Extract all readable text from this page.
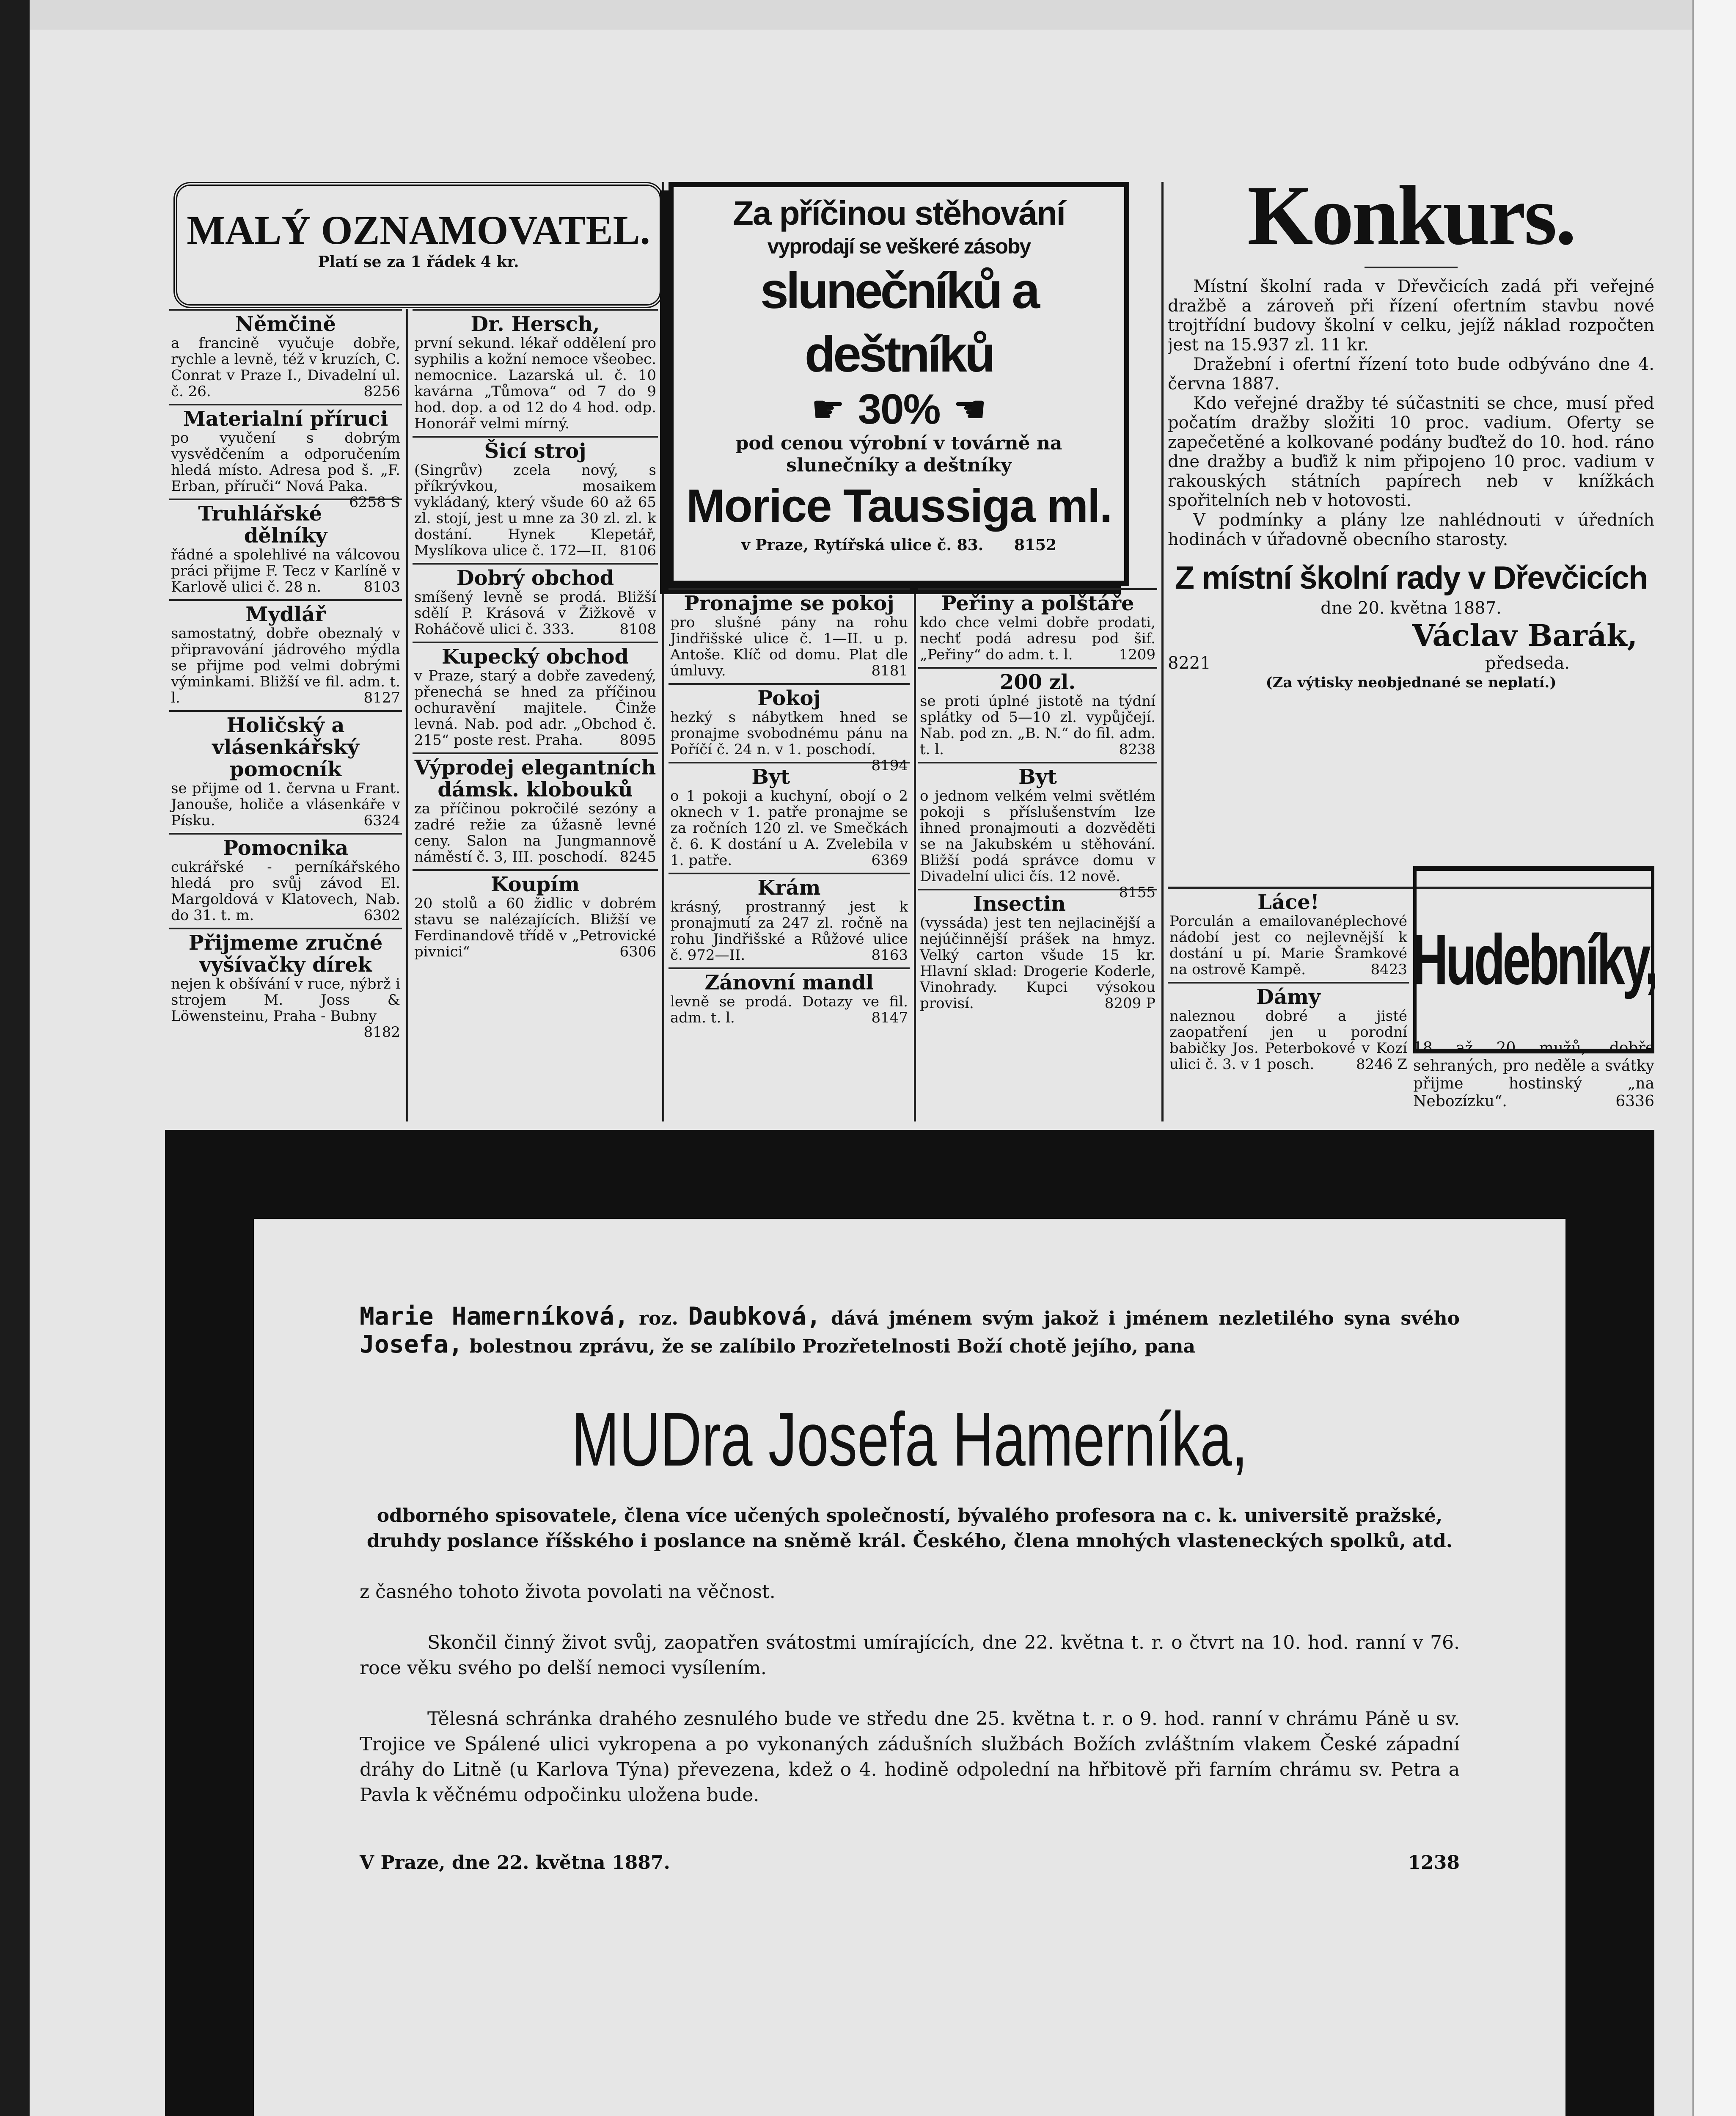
MALÝ OZNAMOVATEL.
Platí se za 1 řádek 4 kr.
Němčině

a francině vyučuje dobře, rychle a levně, též v kruzích, C. Conrat v Praze I., Divadelní ul. č. 26.	8256

Materialní příruci

po vyučení s dobrým vysvědčením a odporučením hledá místo. Adresa pod š. „F. Erban, příruči“ Nová Paka.
6258 S

Truhlářské dělníky

řádné a spolehlivé na válcovou práci přijme F. Tecz v Karlíně v Karlově ulici č. 28 n.	8103

Mydlář

samostatný, dobře obeznalý v připravování jádrového mýdla se přijme pod velmi dobrými výminkami. Bližší ve fil. adm. t. l.	8127

Holičský a vlásenkářský pomocník

se přijme od 1. června u Frant. Janouše, holiče a vlásenkáře v Písku.	6324

Pomocnika

cukrářské - perníkářského hledá pro svůj závod El. Margoldová v Klatovech, Nab. do 31. t. m.	6302

Přijmeme zručné vyšívačky dírek

nejen k obšívání v ruce, nýbrž i strojem M. Joss & Löwensteinu, Praha - Bubny
8182

Dr. Hersch,

první sekund. lékař oddělení pro syphilis a kožní nemoce všeobec. nemocnice. Lazarská ul. č. 10 kavárna „Tůmova“ od 7 do 9 hod. dop. a od 12 do 4 hod. odp. Honorář velmi mírný.

Šicí stroj

(Singrův) zcela nový, s příkrývkou, mosaikem vykládaný, který všude 60 až 65 zl. stojí, jest u mne za 30 zl. zl. k dostání. Hynek Klepetář, Myslíkova ulice č. 172—II. 8106

Dobrý obchod

smíšený levně se prodá. Bližší sdělí P. Krásová v Žižkově v Roháčově ulici č. 333.	8108

Kupecký obchod

v Praze, starý a dobře zavedený, přenechá se hned za příčinou ochuravění majitele. Činže levná. Nab. pod adr. „Obchod č. 215“ poste rest. Praha.	8095

Výprodej elegantních dámsk. klobouků

za příčinou pokročilé sezóny a zadré režie za úžasně levné ceny. Salon na Jungmannově náměstí č. 3, III. poschodí. 8245

Koupím

20 stolů a 60 židlic v dobrém stavu se nalézajících. Bližší ve Ferdinandově třídě v „Petrovické pivnici“	6306

Za příčinou stěhování
vyprodají se veškeré zásoby
slunečníků a deštníků
☛ 30% ☛
pod cenou výrobní v továrně na slunečníky a deštníky
Morice Taussiga ml.
v Praze, Rytířská ulice č. 83. 8152
Pronajme se pokoj

pro slušné pány na rohu Jindřišské ulice č. 1—II. u p. Antoše. Klíč od domu. Plat dle úmluvy.	8181

Pokoj

hezký s nábytkem hned se pronajme svobodnému pánu na Poříčí č. 24 n. v 1. poschodí.
8194

Byt

o 1 pokoji a kuchyní, obojí o 2 oknech v 1. patře pronajme se za ročních 120 zl. ve Smečkách č. 6. K dostání u A. Zvelebila v 1. patře.	6369

Krám

krásný, prostranný jest k pronajmutí za 247 zl. ročně na rohu Jindřišské a Růžové ulice č. 972—II.	8163

Zánovní mandl

levně se prodá. Dotazy ve fil. adm. t. l.	8147

Peřiny a polštáře

kdo chce velmi dobře prodati, nechť podá adresu pod šif. „Peřiny“ do adm. t. l.	1209

200 zl.

se proti úplné jistotě na týdní splátky od 5—10 zl. vypůjčejí. Nab. pod zn. „B. N.“ do fil. adm. t. l.	8238

Byt

o jednom velkém velmi světlém pokoji s příslušenstvím lze ihned pronajmouti a dozvěděti se na Jakubském u stěhování. Bližší podá správce domu v Divadelní ulici čís. 12 nově.
8155

Insectin

(vyssáda) jest ten nejlacinější a nejúčinnější prášek na hmyz. Velký carton všude 15 kr. Hlavní sklad: Drogerie Koderle, Vinohrady. Kupci výsokou provisí.	8209 P

Konkurs.

Místní školní rada v Dřevčicích zadá při veřejné dražbě a zároveň při řízení ofertním stavbu nové trojtřídní budovy školní v celku, jejíž náklad rozpočten jest na 15.937 zl. 11 kr.

Dražební i ofertní řízení toto bude odbýváno dne 4. června 1887.

Kdo veřejné dražby té súčastniti se chce, musí před počatím dražby složiti 10 proc. vadium. Oferty se zapečetěné a kolkované podány buďtež do 10. hod. ráno dne dražby a buďiž k nim připojeno 10 proc. vadium v rakouských státních papírech neb v knížkách spořitelních neb v hotovosti.

V podmínky a plány lze nahlédnouti v úředních hodinách v úřadovně obecního starosty.

Z místní školní rady v Dřevčicích
dne 20. května 1887.
Václav Barák,
8221	předseda.
(Za výtisky neobjednané se neplatí.)
Láce!

Porculán a emailovanéplechové nádobí jest co nejlevnější k dostání u pí. Marie Šramkové na ostrově Kampě.	8423

Dámy

naleznou dobré a jisté zaopatření jen u porodní babičky Jos. Peterbokové v Kozí ulici č. 3. v 1 posch.	8246 Z

Hudebníky,

18 až 20 mužů, dobře sehraných, pro neděle a svátky přijme hostinský „na Nebozízku“.	6336

Marie Hamerníková, roz. Daubková, dává jménem svým jakož i jménem nezletilého syna svého Josefa, bolestnou zprávu, že se zalíbilo Prozřetelnosti Boží chotě jejího, pana

MUDra Josefa Hamerníka,

odborného spisovatele, člena více učených společností, bývalého profesora na c. k. universitě pražské, druhdy poslance říšského i poslance na sněmě král. Českého, člena mnohých vlasteneckých spolků, atd.

z časného tohoto života povolati na věčnost.

Skončil činný život svůj, zaopatřen svátostmi umírajících, dne 22. května t. r. o čtvrt na 10. hod. ranní v 76. roce věku svého po delší nemoci vysílením.

Tělesná schránka drahého zesnulého bude ve středu dne 25. května t. r. o 9. hod. ranní v chrámu Páně u sv. Trojice ve Spálené ulici vykropena a po vykonaných zádušních službách Božích zvláštním vlakem České západní dráhy do Litně (u Karlova Týna) převezena, kdež o 4. hodině odpolední na hřbitově při farním chrámu sv. Petra a Pavla k věčnému odpočinku uložena bude.

V Praze, dne 22. května 1887.	1238
